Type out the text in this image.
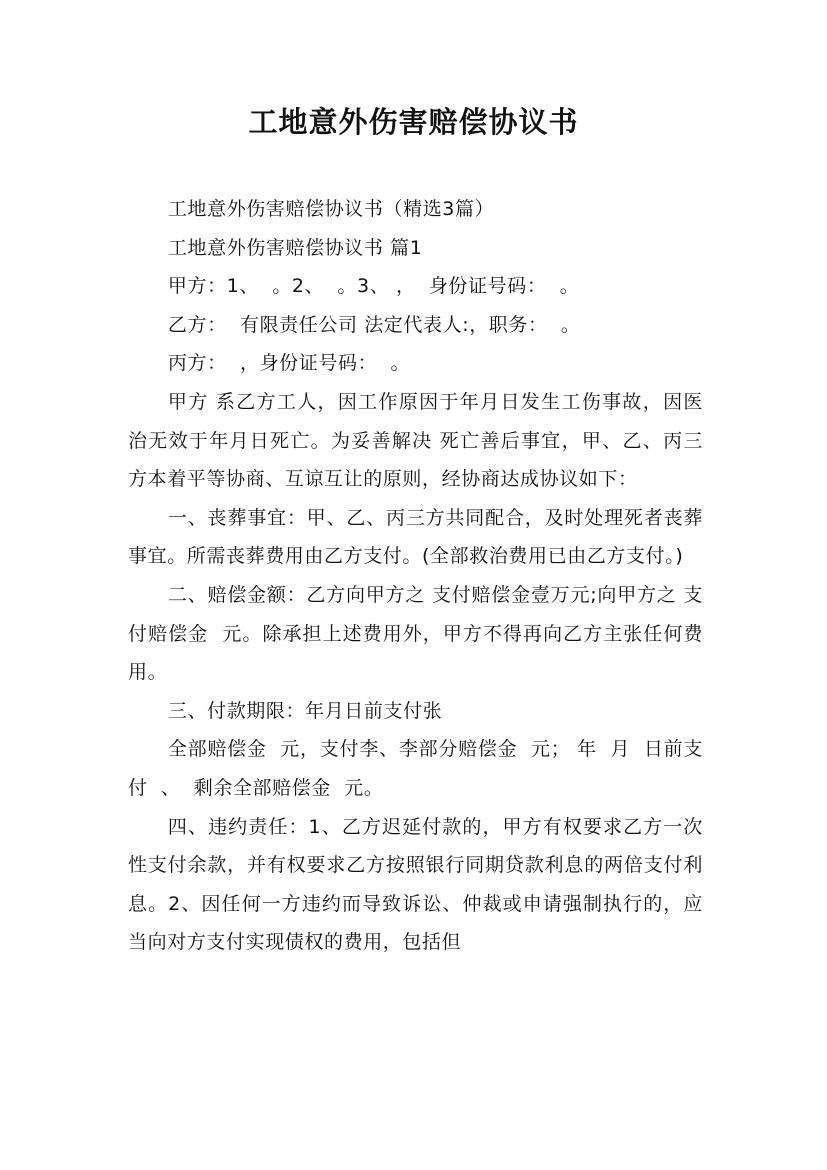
工地意外伤害赔偿协议书

工地意外伤害赔偿协议书（精选3篇）

工地意外伤害赔偿协议书 篇1

甲方：1、  。2、  。3、 ，  身份证号码：  。

乙方：  有限责任公司 法定代表人:，职务：  。

丙方：  ，身份证号码：  。

甲方 系乙方工人，因工作原因于年月日发生工伤事故，因医治无效于年月日死亡。为妥善解决 死亡善后事宜，甲、乙、丙三方本着平等协商、互谅互让的原则，经协商达成协议如下：

一、丧葬事宜：甲、乙、丙三方共同配合，及时处理死者丧葬事宜。所需丧葬费用由乙方支付。(全部救治费用已由乙方支付。)

二、赔偿金额：乙方向甲方之 支付赔偿金壹万元;向甲方之 支付赔偿金  元。除承担上述费用外，甲方不得再向乙方主张任何费用。

三、付款期限：年月日前支付张

全部赔偿金  元，支付李、李部分赔偿金  元； 年  月  日前支付  、  剩余全部赔偿金  元。

四、违约责任：1、乙方迟延付款的，甲方有权要求乙方一次性支付余款，并有权要求乙方按照银行同期贷款利息的两倍支付利息。2、因任何一方违约而导致诉讼、仲裁或申请强制执行的，应当向对方支付实现债权的费用，包括但
